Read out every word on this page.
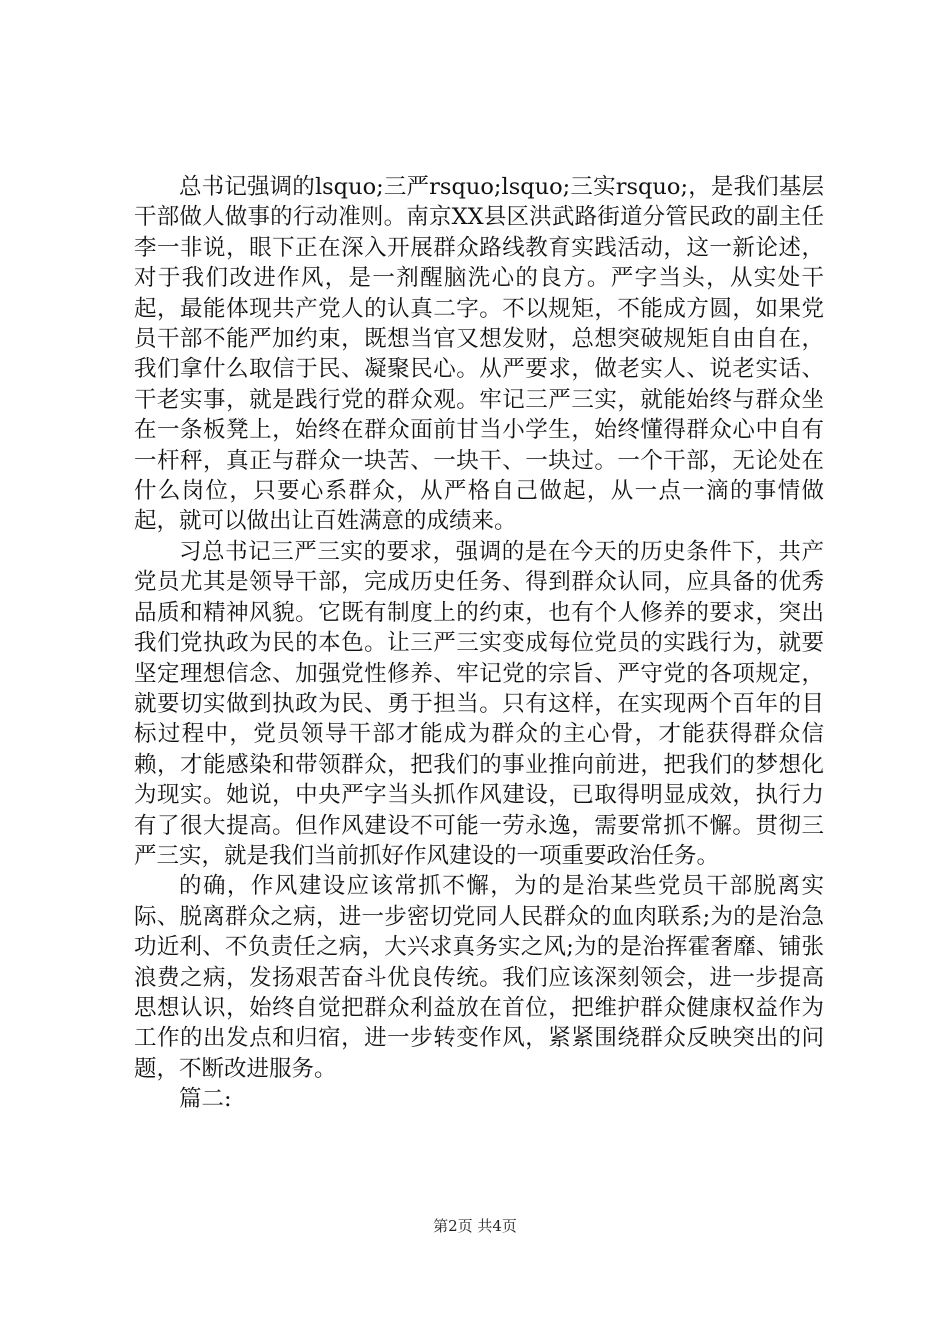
总书记强调的lsquo;三严rsquo;lsquo;三实rsquo;，是我们基层干部做人做事的行动准则。南京XX县区洪武路街道分管民政的副主任李一非说，眼下正在深入开展群众路线教育实践活动，这一新论述，对于我们改进作风，是一剂醒脑洗心的良方。严字当头，从实处干起，最能体现共产党人的认真二字。不以规矩，不能成方圆，如果党员干部不能严加约束，既想当官又想发财，总想突破规矩自由自在，我们拿什么取信于民、凝聚民心。从严要求，做老实人、说老实话、干老实事，就是践行党的群众观。牢记三严三实，就能始终与群众坐在一条板凳上，始终在群众面前甘当小学生，始终懂得群众心中自有一杆秤，真正与群众一块苦、一块干、一块过。一个干部，无论处在什么岗位，只要心系群众，从严格自己做起，从一点一滴的事情做起，就可以做出让百姓满意的成绩来。

习总书记三严三实的要求，强调的是在今天的历史条件下，共产党员尤其是领导干部，完成历史任务、得到群众认同，应具备的优秀品质和精神风貌。它既有制度上的约束，也有个人修养的要求，突出我们党执政为民的本色。让三严三实变成每位党员的实践行为，就要坚定理想信念、加强党性修养、牢记党的宗旨、严守党的各项规定，就要切实做到执政为民、勇于担当。只有这样，在实现两个百年的目标过程中，党员领导干部才能成为群众的主心骨，才能获得群众信赖，才能感染和带领群众，把我们的事业推向前进，把我们的梦想化为现实。她说，中央严字当头抓作风建设，已取得明显成效，执行力有了很大提高。但作风建设不可能一劳永逸，需要常抓不懈。贯彻三严三实，就是我们当前抓好作风建设的一项重要政治任务。

的确，作风建设应该常抓不懈，为的是治某些党员干部脱离实际、脱离群众之病，进一步密切党同人民群众的血肉联系;为的是治急功近利、不负责任之病，大兴求真务实之风;为的是治挥霍奢靡、铺张浪费之病，发扬艰苦奋斗优良传统。我们应该深刻领会，进一步提高思想认识，始终自觉把群众利益放在首位，把维护群众健康权益作为工作的出发点和归宿，进一步转变作风，紧紧围绕群众反映突出的问题，不断改进服务。

篇二:

第2页 共4页
